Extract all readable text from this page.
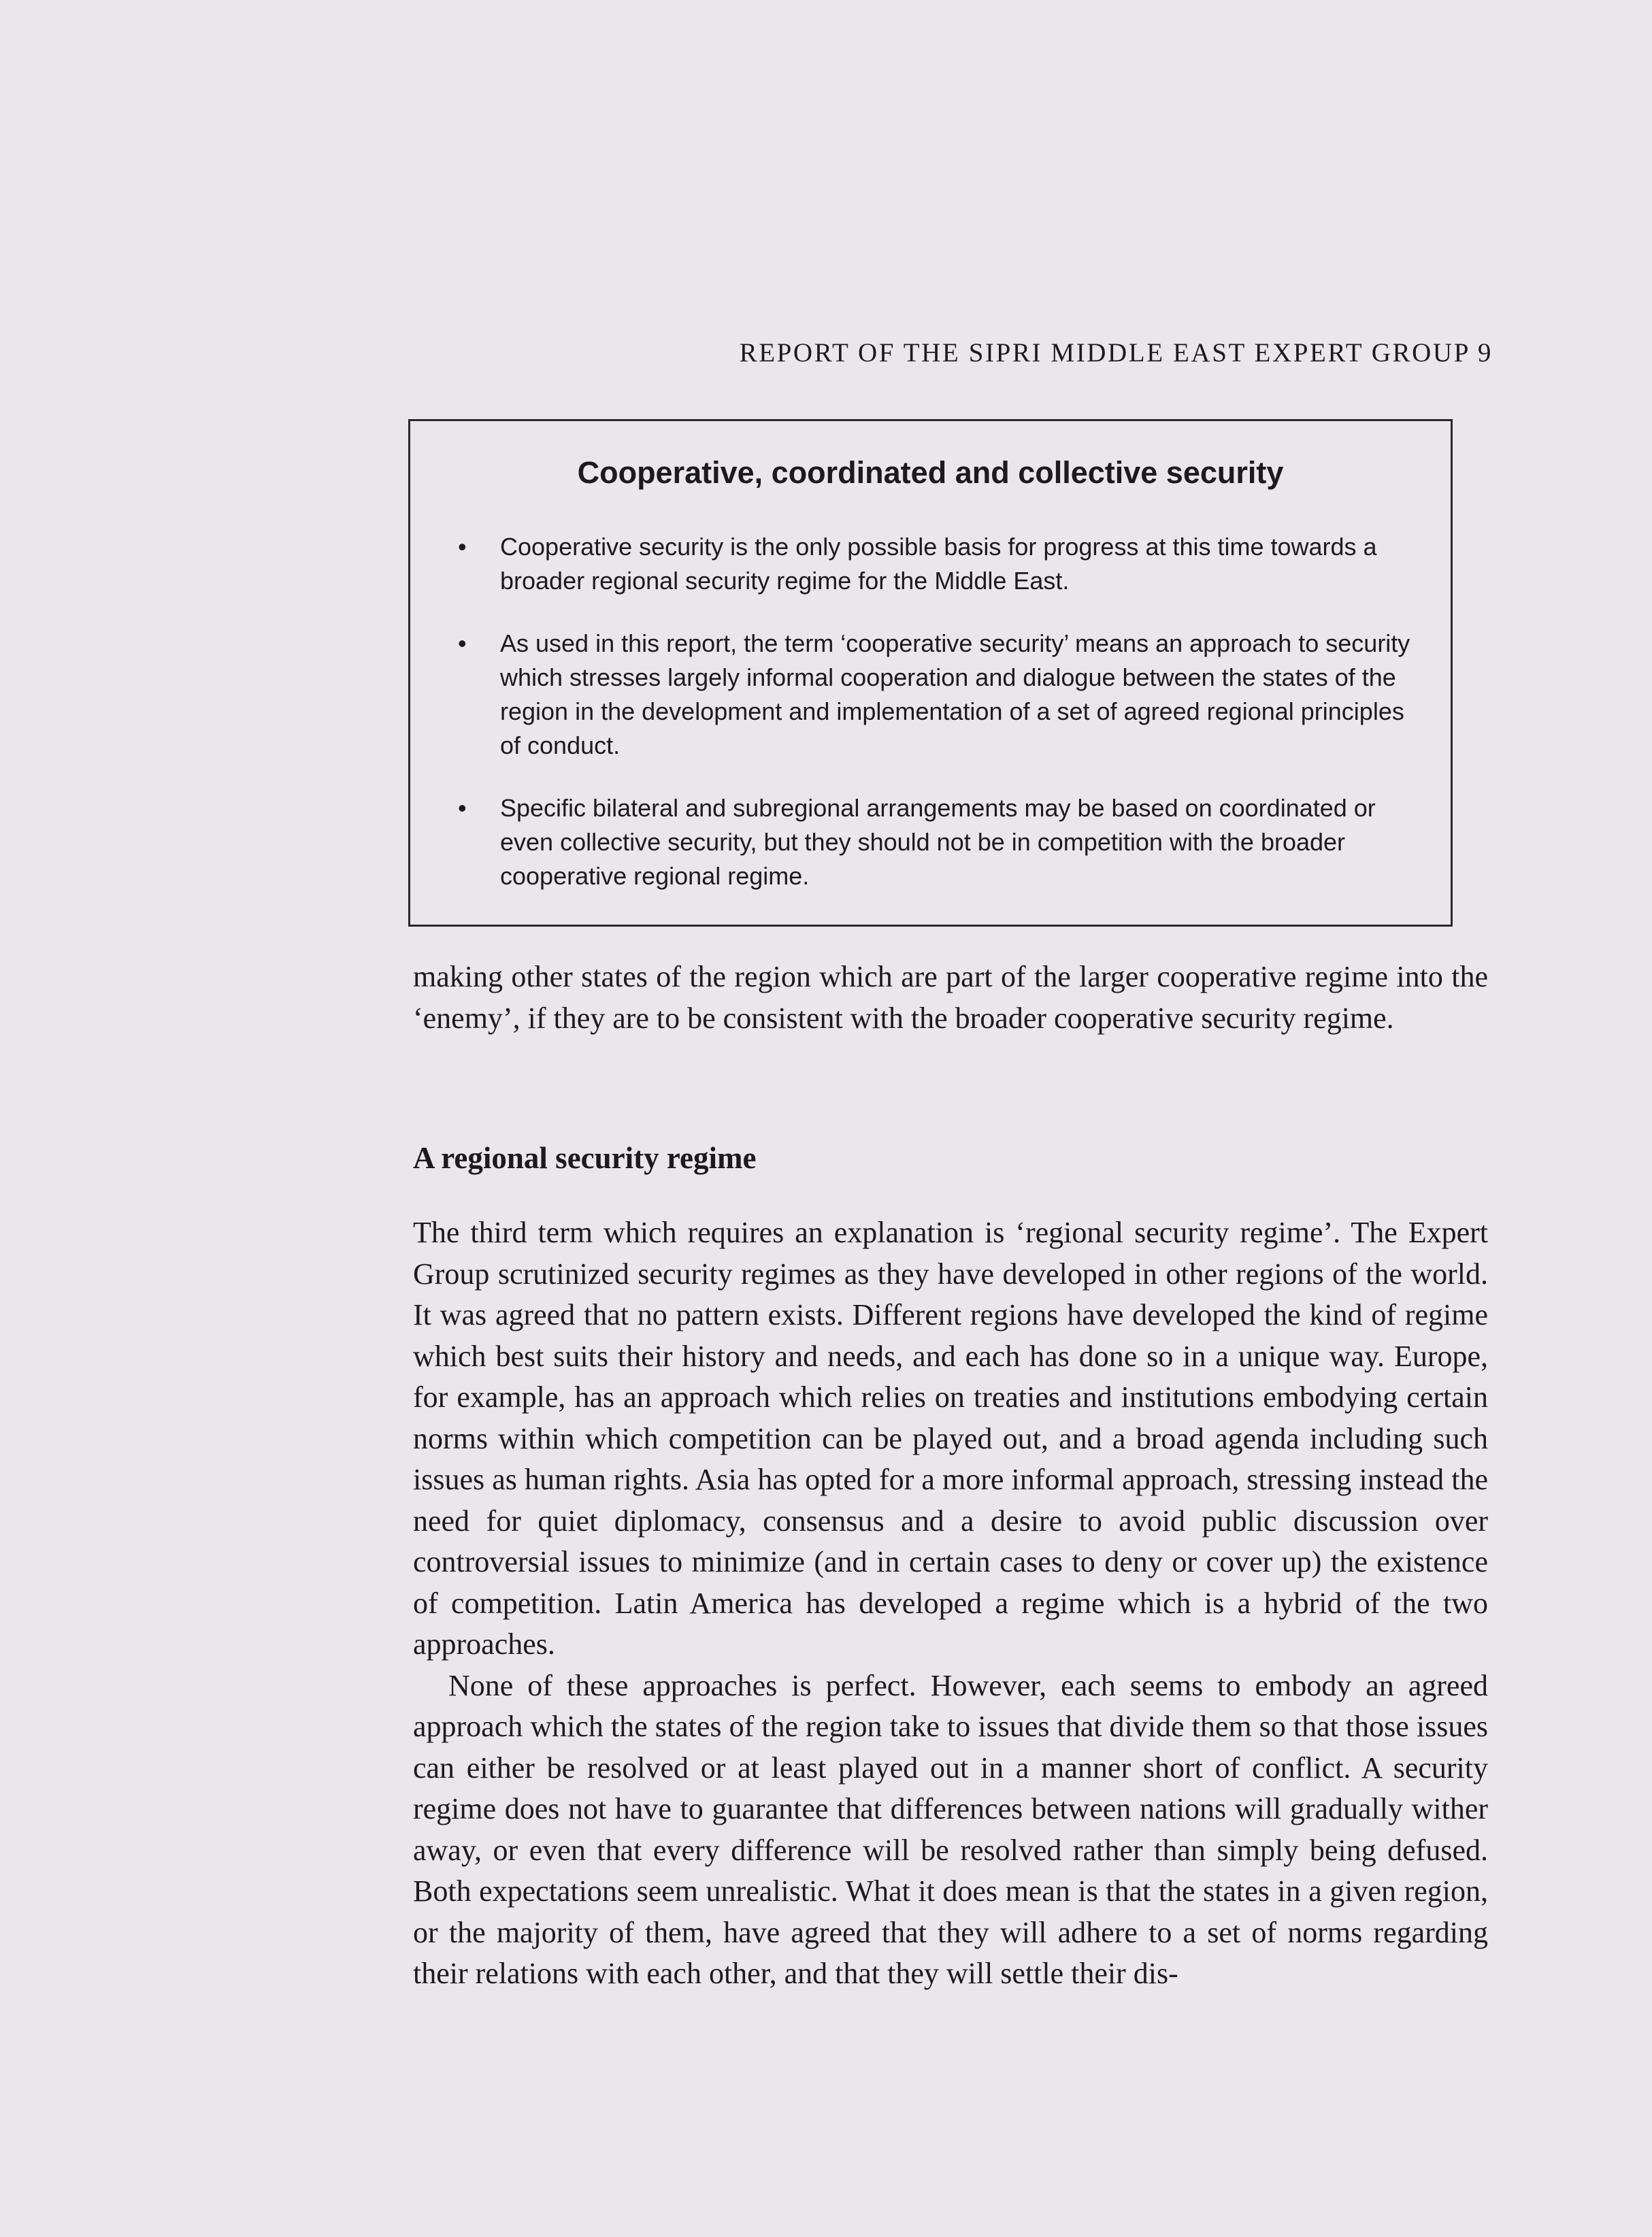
REPORT OF THE SIPRI MIDDLE EAST EXPERT GROUP 9
Cooperative, coordinated and collective security
• Cooperative security is the only possible basis for progress at this time towards a broader regional security regime for the Middle East.
• As used in this report, the term ‘cooperative security’ means an approach to security which stresses largely informal cooperation and dialogue between the states of the region in the development and implementation of a set of agreed regional principles of conduct.
• Specific bilateral and subregional arrangements may be based on coordinated or even collective security, but they should not be in competition with the broader cooperative regional regime.

making other states of the region which are part of the larger cooperative regime into the ‘enemy’, if they are to be consistent with the broader cooperative security regime.

A regional security regime

The third term which requires an explanation is ‘regional security regime’. The Expert Group scrutinized security regimes as they have developed in other regions of the world. It was agreed that no pattern exists. Different regions have developed the kind of regime which best suits their history and needs, and each has done so in a unique way. Europe, for example, has an approach which relies on treaties and institutions embodying certain norms within which competition can be played out, and a broad agenda including such issues as human rights. Asia has opted for a more informal approach, stressing instead the need for quiet diplomacy, consensus and a desire to avoid public discussion over controversial issues to minimize (and in certain cases to deny or cover up) the existence of competition. Latin America has developed a regime which is a hybrid of the two approaches.

None of these approaches is perfect. However, each seems to embody an agreed approach which the states of the region take to issues that divide them so that those issues can either be resolved or at least played out in a manner short of conflict. A security regime does not have to guarantee that differences between nations will gradually wither away, or even that every difference will be resolved rather than simply being defused. Both expectations seem unrealistic. What it does mean is that the states in a given region, or the majority of them, have agreed that they will adhere to a set of norms regarding their relations with each other, and that they will settle their dis-
